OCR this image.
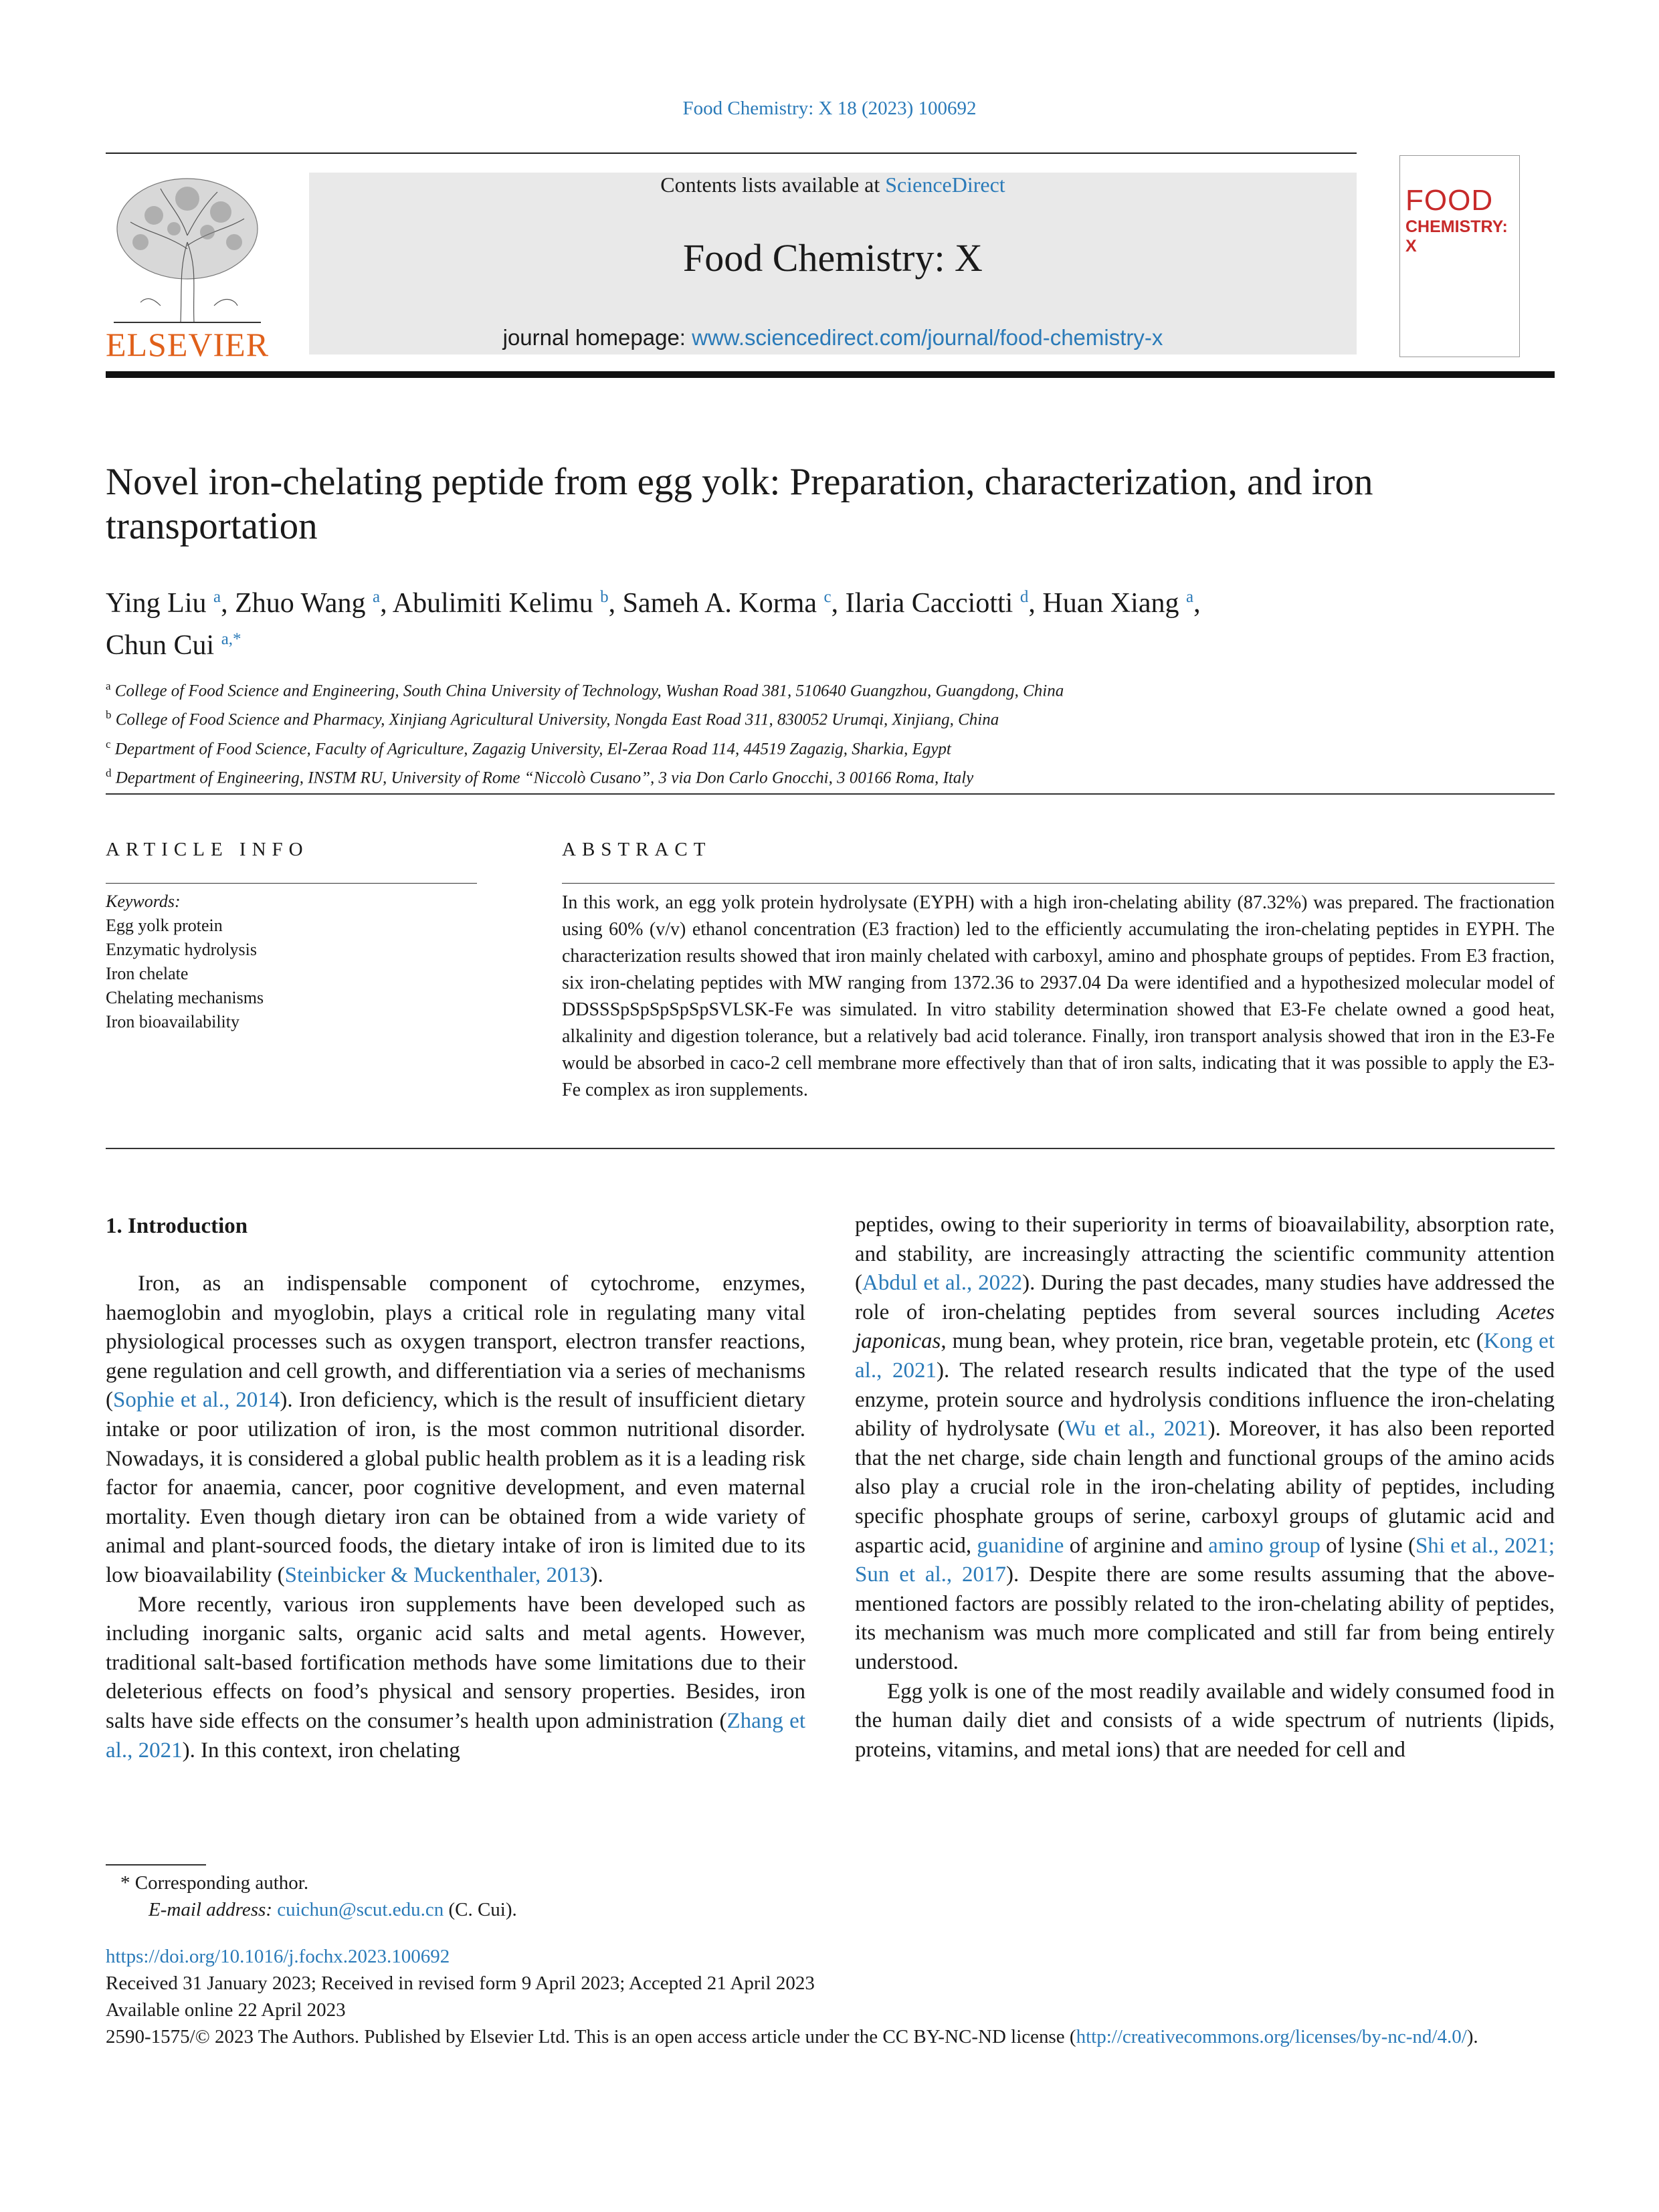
Food Chemistry: X 18 (2023) 100692
ELSEVIER
Contents lists available at ScienceDirect
Food Chemistry: X
journal homepage: www.sciencedirect.com/journal/food-chemistry-x
FOOD
CHEMISTRY: X
Novel iron-chelating peptide from egg yolk: Preparation, characterization, and iron transportation
Ying Liu $^a$, Zhuo Wang $^a$, Abulimiti Kelimu $^b$, Sameh A. Korma $^c$, Ilaria Cacciotti $^d$, Huan Xiang $^a$,
Chun Cui $^{a,*}$
$^a$ College of Food Science and Engineering, South China University of Technology, Wushan Road 381, 510640 Guangzhou, Guangdong, China
$^b$ College of Food Science and Pharmacy, Xinjiang Agricultural University, Nongda East Road 311, 830052 Urumqi, Xinjiang, China
$^c$ Department of Food Science, Faculty of Agriculture, Zagazig University, El-Zeraa Road 114, 44519 Zagazig, Sharkia, Egypt
$^d$ Department of Engineering, INSTM RU, University of Rome “Niccolò Cusano”, 3 via Don Carlo Gnocchi, 3 00166 Roma, Italy
ARTICLE INFO	ABSTRACT
Keywords:
Egg yolk protein
Enzymatic hydrolysis
Iron chelate
Chelating mechanisms
Iron bioavailability
In this work, an egg yolk protein hydrolysate (EYPH) with a high iron-chelating ability (87.32%) was prepared. The fractionation using 60% (v/v) ethanol concentration (E3 fraction) led to the efficiently accumulating the iron-chelating peptides in EYPH. The characterization results showed that iron mainly chelated with carboxyl, amino and phosphate groups of peptides. From E3 fraction, six iron-chelating peptides with MW ranging from 1372.36 to 2937.04 Da were identified and a hypothesized molecular model of DDSSSpSpSpSpSpSVLSK-Fe was simulated. In vitro stability determination showed that E3-Fe chelate owned a good heat, alkalinity and digestion tolerance, but a relatively bad acid tolerance. Finally, iron transport analysis showed that iron in the E3-Fe would be absorbed in caco-2 cell membrane more effectively than that of iron salts, indicating that it was possible to apply the E3-Fe complex as iron supplements.
1. Introduction

Iron, as an indispensable component of cytochrome, enzymes, haemoglobin and myoglobin, plays a critical role in regulating many vital physiological processes such as oxygen transport, electron transfer reactions, gene regulation and cell growth, and differentiation via a series of mechanisms (Sophie et al., 2014). Iron deficiency, which is the result of insufficient dietary intake or poor utilization of iron, is the most common nutritional disorder. Nowadays, it is considered a global public health problem as it is a leading risk factor for anaemia, cancer, poor cognitive development, and even maternal mortality. Even though dietary iron can be obtained from a wide variety of animal and plant-sourced foods, the dietary intake of iron is limited due to its low bioavailability (Steinbicker & Muckenthaler, 2013).

More recently, various iron supplements have been developed such as including inorganic salts, organic acid salts and metal agents. However, traditional salt-based fortification methods have some limitations due to their deleterious effects on food’s physical and sensory properties. Besides, iron salts have side effects on the consumer’s health upon administration (Zhang et al., 2021). In this context, iron chelating

peptides, owing to their superiority in terms of bioavailability, absorption rate, and stability, are increasingly attracting the scientific community attention (Abdul et al., 2022). During the past decades, many studies have addressed the role of iron-chelating peptides from several sources including Acetes japonicas, mung bean, whey protein, rice bran, vegetable protein, etc (Kong et al., 2021). The related research results indicated that the type of the used enzyme, protein source and hydrolysis conditions influence the iron-chelating ability of hydrolysate (Wu et al., 2021). Moreover, it has also been reported that the net charge, side chain length and functional groups of the amino acids also play a crucial role in the iron-chelating ability of peptides, including specific phosphate groups of serine, carboxyl groups of glutamic acid and aspartic acid, guanidine of arginine and amino group of lysine (Shi et al., 2021; Sun et al., 2017). Despite there are some results assuming that the above-mentioned factors are possibly related to the iron-chelating ability of peptides, its mechanism was much more complicated and still far from being entirely understood.

Egg yolk is one of the most readily available and widely consumed food in the human daily diet and consists of a wide spectrum of nutrients (lipids, proteins, vitamins, and metal ions) that are needed for cell and

* Corresponding author.
E-mail address: cuichun@scut.edu.cn (C. Cui).
https://doi.org/10.1016/j.fochx.2023.100692
Received 31 January 2023; Received in revised form 9 April 2023; Accepted 21 April 2023
Available online 22 April 2023
2590-1575/© 2023 The Authors. Published by Elsevier Ltd. This is an open access article under the CC BY-NC-ND license (http://creativecommons.org/licenses/by-nc-nd/4.0/).
